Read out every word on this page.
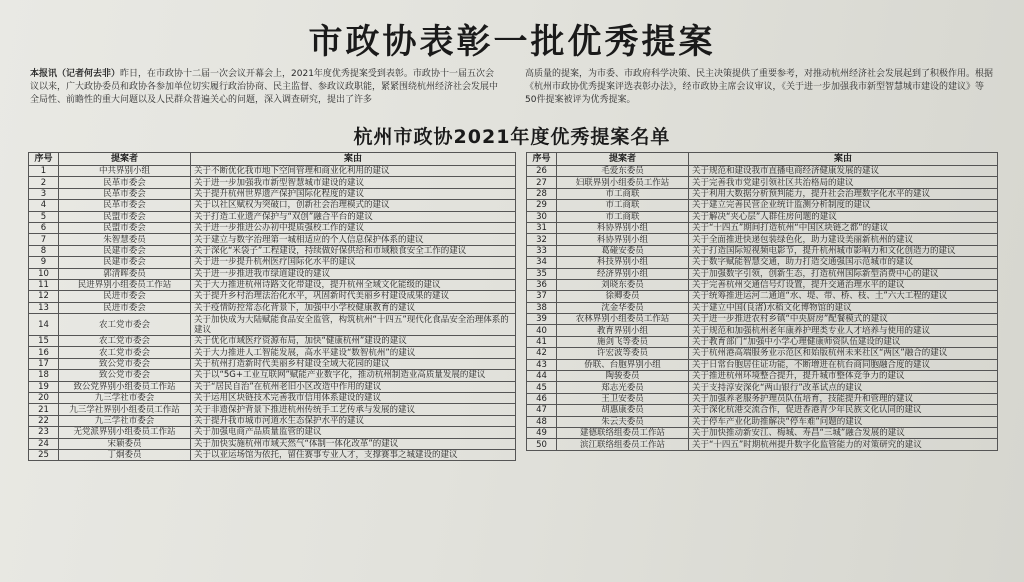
市政协表彰一批优秀提案
本报讯（记者何去非）昨日，在市政协十二届一次会议开幕会上，2021年度优秀提案受到表彰。市政协十一届五次会议以来，广大政协委员和政协各参加单位切实履行政治协商、民主监督、参政议政职能，紧紧围绕杭州经济社会发展中全局性、前瞻性的重大问题以及人民群众普遍关心的问题，深入调查研究，提出了许多
高质量的提案，为市委、市政府科学决策、民主决策提供了重要参考，对推动杭州经济社会发展起到了积极作用。根据《杭州市政协优秀提案评选表彰办法》，经市政协主席会议审议，《关于进一步加强我市新型智慧城市建设的建议》等50件提案被评为优秀提案。
杭州市政协2021年度优秀提案名单
序号	提案者	案由
1	中共界别小组	关于不断优化我市地下空间管理和商业化利用的建议
2	民革市委会	关于进一步加强我市新型智慧城市建设的建议
3	民革市委会	关于提升杭州世界遗产保护国际化程度的建议
4	民革市委会	关于以社区赋权为突破口，创新社会治理模式的建议
5	民盟市委会	关于打造工业遗产保护与“双创”融合平台的建议
6	民盟市委会	关于进一步推进公办初中提质强校工作的建议
7	朱智慧委员	关于建立与数字治理第一城相适应的个人信息保护体系的建议
8	民建市委会	关于深化“米袋子”工程建设，持续做好保供给和市域粮食安全工作的建议
9	民建市委会	关于进一步提升杭州医疗国际化水平的建议
10	郭清晖委员	关于进一步推进我市绿道建设的建议
11	民进界别小组委员工作站	关于大力推进杭州诗路文化带建设，提升杭州全域文化能级的建议
12	民进市委会	关于提升乡村治理法治化水平，巩固新时代美丽乡村建设成果的建议
13	民进市委会	关于疫情防控常态化背景下，加强中小学校健康教育的建议
14	农工党市委会	关于加快成为大陆赋能食品安全监管，构筑杭州“十四五”现代化食品安全治理体系的建议
15	农工党市委会	关于优化市域医疗资源布局，加快“健康杭州”建设的建议
16	农工党市委会	关于大力推进人工智能发展，高水平建设“数智杭州”的建议
17	致公党市委会	关于杭州打造新时代美丽乡村建设全域大花园的建议
18	致公党市委会	关于以“5G+工业互联网”赋能产业数字化，推动杭州制造业高质量发展的建议
19	致公党界别小组委员工作站	关于“居民自治”在杭州老旧小区改造中作用的建议
20	九三学社市委会	关于运用区块链技术完善我市信用体系建设的建议
21	九三学社界别小组委员工作站	关于非遗保护背景下推进杭州传统手工艺传承与发展的建议
22	九三学社市委会	关于提升我市城市河道水生态保护水平的建议
23	无党派界别小组委员工作站	关于加强电商产品质量监管的建议
24	宋颖委员	关于加快实施杭州市域天然气“体制一体化改革”的建议
25	丁炯委员	关于以亚运场馆为依托，留住赛事专业人才，支撑赛事之城建设的建议
序号	提案者	案由
26	毛爱东委员	关于规范和建设我市直播电商经济健康发展的建议
27	妇联界别小组委员工作站	关于完善我市党建引领社区共治格局的建议
28	市工商联	关于利用大数据分析预判能力，提升社会治理数字化水平的建议
29	市工商联	关于建立完善民营企业统计监测分析制度的建议
30	市工商联	关于解决“夹心层”人群住房问题的建议
31	科协界别小组	关于“十四五”期间打造杭州“中国区块链之都”的建议
32	科协界别小组	关于全面推进快递包装绿色化，助力建设美丽新杭州的建议
33	葛碰安委员	关于打造国际短视频电影节，提升杭州城市影响力和文化创造力的建议
34	科技界别小组	关于数字赋能智慧交通，助力打造交通强国示范城市的建议
35	经济界别小组	关于加强数字引领，创新生态，打造杭州国际新型消费中心的建议
36	刘晓东委员	关于完善杭州交通信号灯设置，提升交通治理水平的建议
37	徐卿委员	关于统筹推进运河二通道“水、堤、带、桥、枝、土”六大工程的建议
38	沈金华委员	关于建立中国(良渚)水稻文化博物馆的建议
39	农林界别小组委员工作站	关于进一步推进农村乡镇“中央厨房”配餐模式的建议
40	教育界别小组	关于规范和加强杭州老年康养护理类专业人才培养与使用的建议
41	施剑飞等委员	关于教育部门“加强中小学心理健康师资队伍建设的建议
42	许宏波等委员	关于杭州港高端服务业示范区和始版杭州未来社区“两区”融合的建议
43	侨联、台胞界别小组	关于日常台胞居住证功能，不断增进在杭台商同胞融合度的建议
44	陶骏委员	关于推进杭州环境整合提升，提升城市整体竞争力的建议
45	郑志光委员	关于支持淳安深化“两山银行”改革试点的建议
46	王卫安委员	关于加强养老服务护理员队伍培育，技能提升和管理的建议
47	胡惠康委员	关于深化杭港交流合作，促进香港青少年民族文化认同的建议
48	朱云夫委员	关于停车产业化助推解决“停车难”问题的建议
49	建德联络组委员工作站	关于加快推动新安江、梅城、寿昌“三城”融合发展的建议
50	滨江联络组委员工作站	关于“十四五”时期杭州提升数字化监管能力的对策研究的建议
